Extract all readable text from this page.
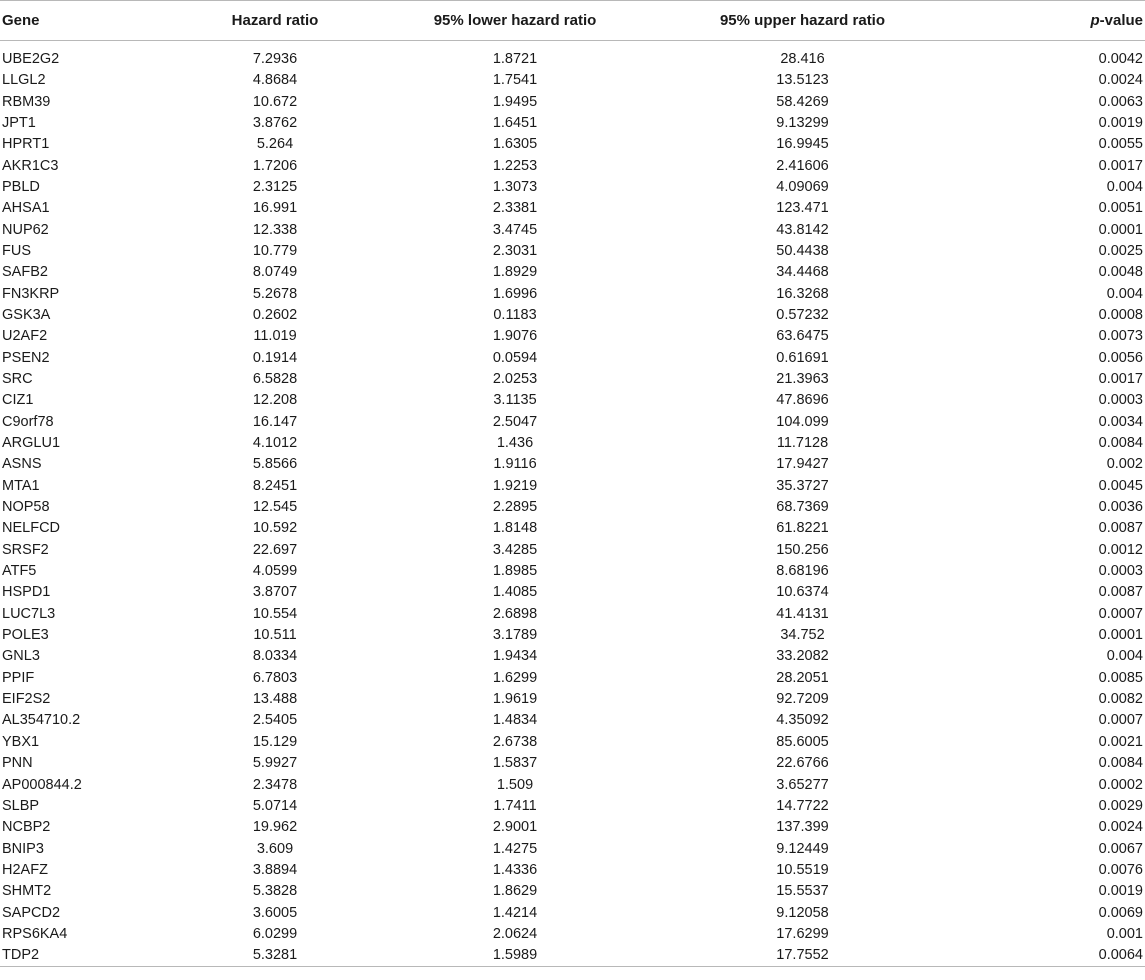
Gene	Hazard ratio	95% lower hazard ratio	95% upper hazard ratio	p-value
UBE2G2	7.2936	1.8721	28.416	0.0042
LLGL2	4.8684	1.7541	13.5123	0.0024
RBM39	10.672	1.9495	58.4269	0.0063
JPT1	3.8762	1.6451	9.13299	0.0019
HPRT1	5.264	1.6305	16.9945	0.0055
AKR1C3	1.7206	1.2253	2.41606	0.0017
PBLD	2.3125	1.3073	4.09069	0.004
AHSA1	16.991	2.3381	123.471	0.0051
NUP62	12.338	3.4745	43.8142	0.0001
FUS	10.779	2.3031	50.4438	0.0025
SAFB2	8.0749	1.8929	34.4468	0.0048
FN3KRP	5.2678	1.6996	16.3268	0.004
GSK3A	0.2602	0.1183	0.57232	0.0008
U2AF2	11.019	1.9076	63.6475	0.0073
PSEN2	0.1914	0.0594	0.61691	0.0056
SRC	6.5828	2.0253	21.3963	0.0017
CIZ1	12.208	3.1135	47.8696	0.0003
C9orf78	16.147	2.5047	104.099	0.0034
ARGLU1	4.1012	1.436	11.7128	0.0084
ASNS	5.8566	1.9116	17.9427	0.002
MTA1	8.2451	1.9219	35.3727	0.0045
NOP58	12.545	2.2895	68.7369	0.0036
NELFCD	10.592	1.8148	61.8221	0.0087
SRSF2	22.697	3.4285	150.256	0.0012
ATF5	4.0599	1.8985	8.68196	0.0003
HSPD1	3.8707	1.4085	10.6374	0.0087
LUC7L3	10.554	2.6898	41.4131	0.0007
POLE3	10.511	3.1789	34.752	0.0001
GNL3	8.0334	1.9434	33.2082	0.004
PPIF	6.7803	1.6299	28.2051	0.0085
EIF2S2	13.488	1.9619	92.7209	0.0082
AL354710.2	2.5405	1.4834	4.35092	0.0007
YBX1	15.129	2.6738	85.6005	0.0021
PNN	5.9927	1.5837	22.6766	0.0084
AP000844.2	2.3478	1.509	3.65277	0.0002
SLBP	5.0714	1.7411	14.7722	0.0029
NCBP2	19.962	2.9001	137.399	0.0024
BNIP3	3.609	1.4275	9.12449	0.0067
H2AFZ	3.8894	1.4336	10.5519	0.0076
SHMT2	5.3828	1.8629	15.5537	0.0019
SAPCD2	3.6005	1.4214	9.12058	0.0069
RPS6KA4	6.0299	2.0624	17.6299	0.001
TDP2	5.3281	1.5989	17.7552	0.0064
